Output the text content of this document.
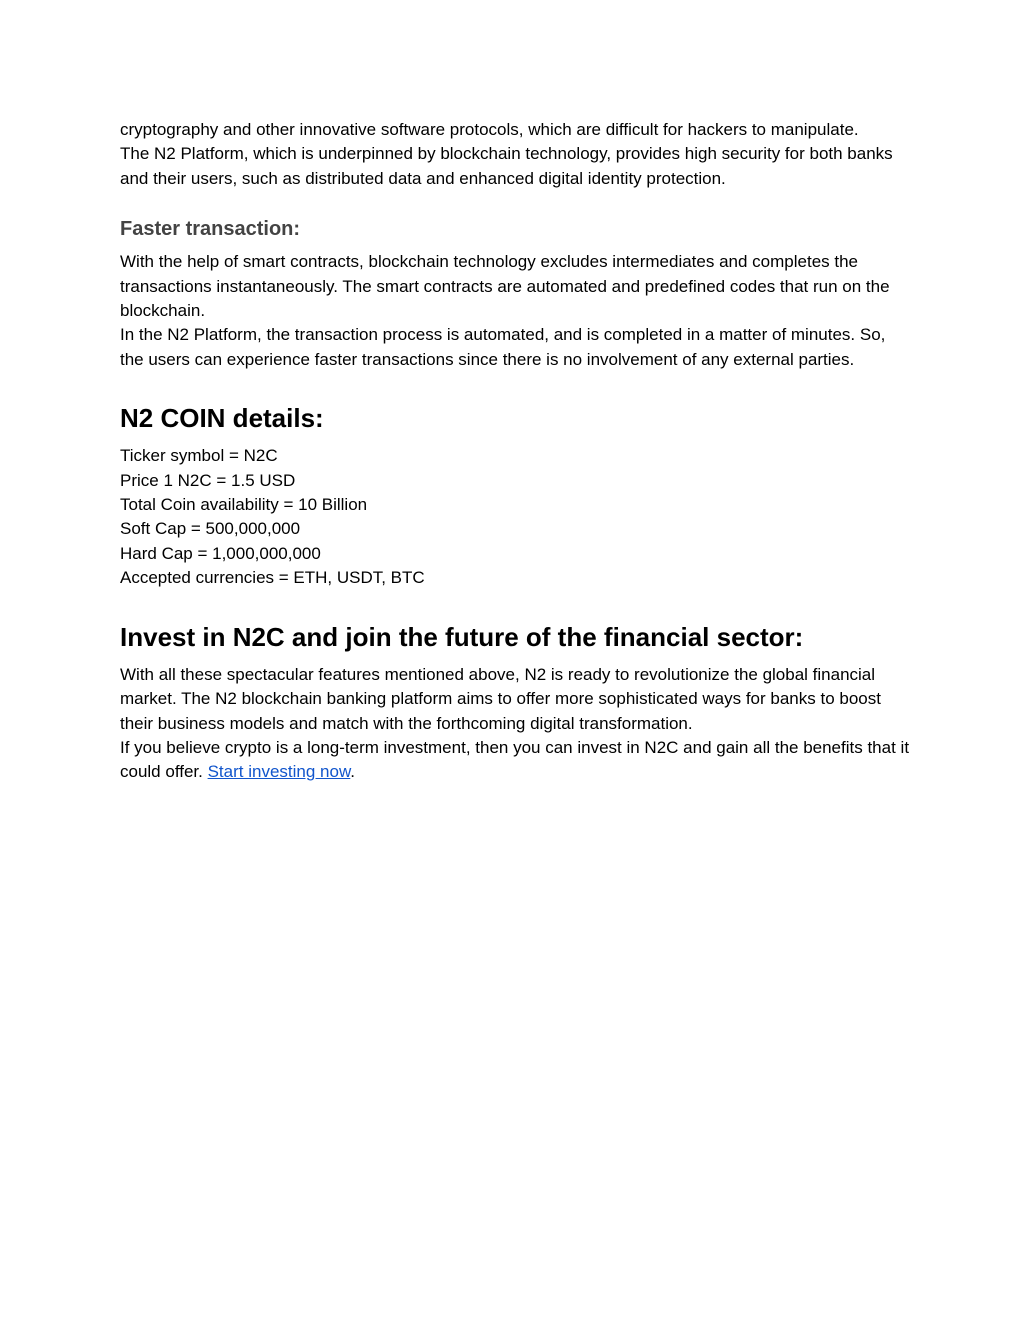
cryptography and other innovative software protocols, which are difficult for hackers to manipulate.

The N2 Platform, which is underpinned by blockchain technology, provides high security for both banks and their users, such as distributed data and enhanced digital identity protection.

Faster transaction:

With the help of smart contracts, blockchain technology excludes intermediates and completes the transactions instantaneously. The smart contracts are automated and predefined codes that run on the blockchain.

In the N2 Platform, the transaction process is automated, and is completed in a matter of minutes. So, the users can experience faster transactions since there is no involvement of any external parties.

N2 COIN details:

Ticker symbol = N2C

Price 1 N2C = 1.5 USD

Total Coin availability = 10 Billion

Soft Cap = 500,000,000

Hard Cap = 1,000,000,000

Accepted currencies = ETH, USDT, BTC

Invest in N2C and join the future of the financial sector:

With all these spectacular features mentioned above, N2 is ready to revolutionize the global financial market. The N2 blockchain banking platform aims to offer more sophisticated ways for banks to boost their business models and match with the forthcoming digital transformation.

If you believe crypto is a long-term investment, then you can invest in N2C and gain all the benefits that it could offer. Start investing now.
